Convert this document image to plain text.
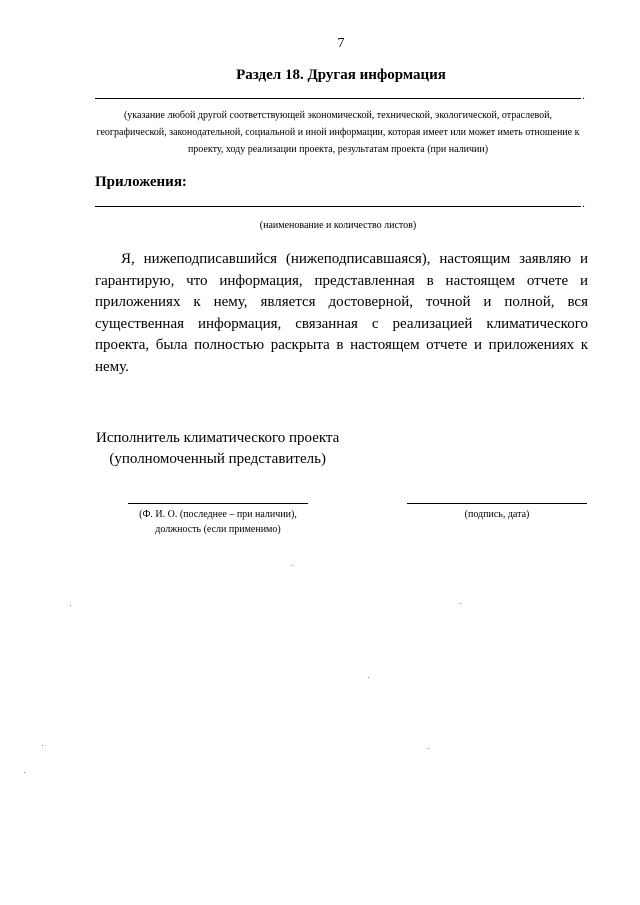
7
Раздел 18. Другая информация
.
(указание любой другой соответствующей экономической, технической, экологической, отраслевой, географической, законодательной, социальной и иной информации, которая имеет или может иметь отношение к проекту, ходу реализации проекта, результатам проекта (при наличии)
Приложения:
.
(наименование и количество листов)

Я, нижеподписавшийся (нижеподписавшаяся), настоящим заявляю и гарантирую, что информация, представленная в настоящем отчете и приложениях к нему, является достоверной, точной и полной, вся существенная информация, связанная с реализацией климатического проекта, была полностью раскрыта в настоящем отчете и приложениях к нему.

Исполнитель климатического проекта
(уполномоченный представитель)
(Ф. И. О. (последнее – при наличии),
должность (если применимо)
(подпись, дата)
